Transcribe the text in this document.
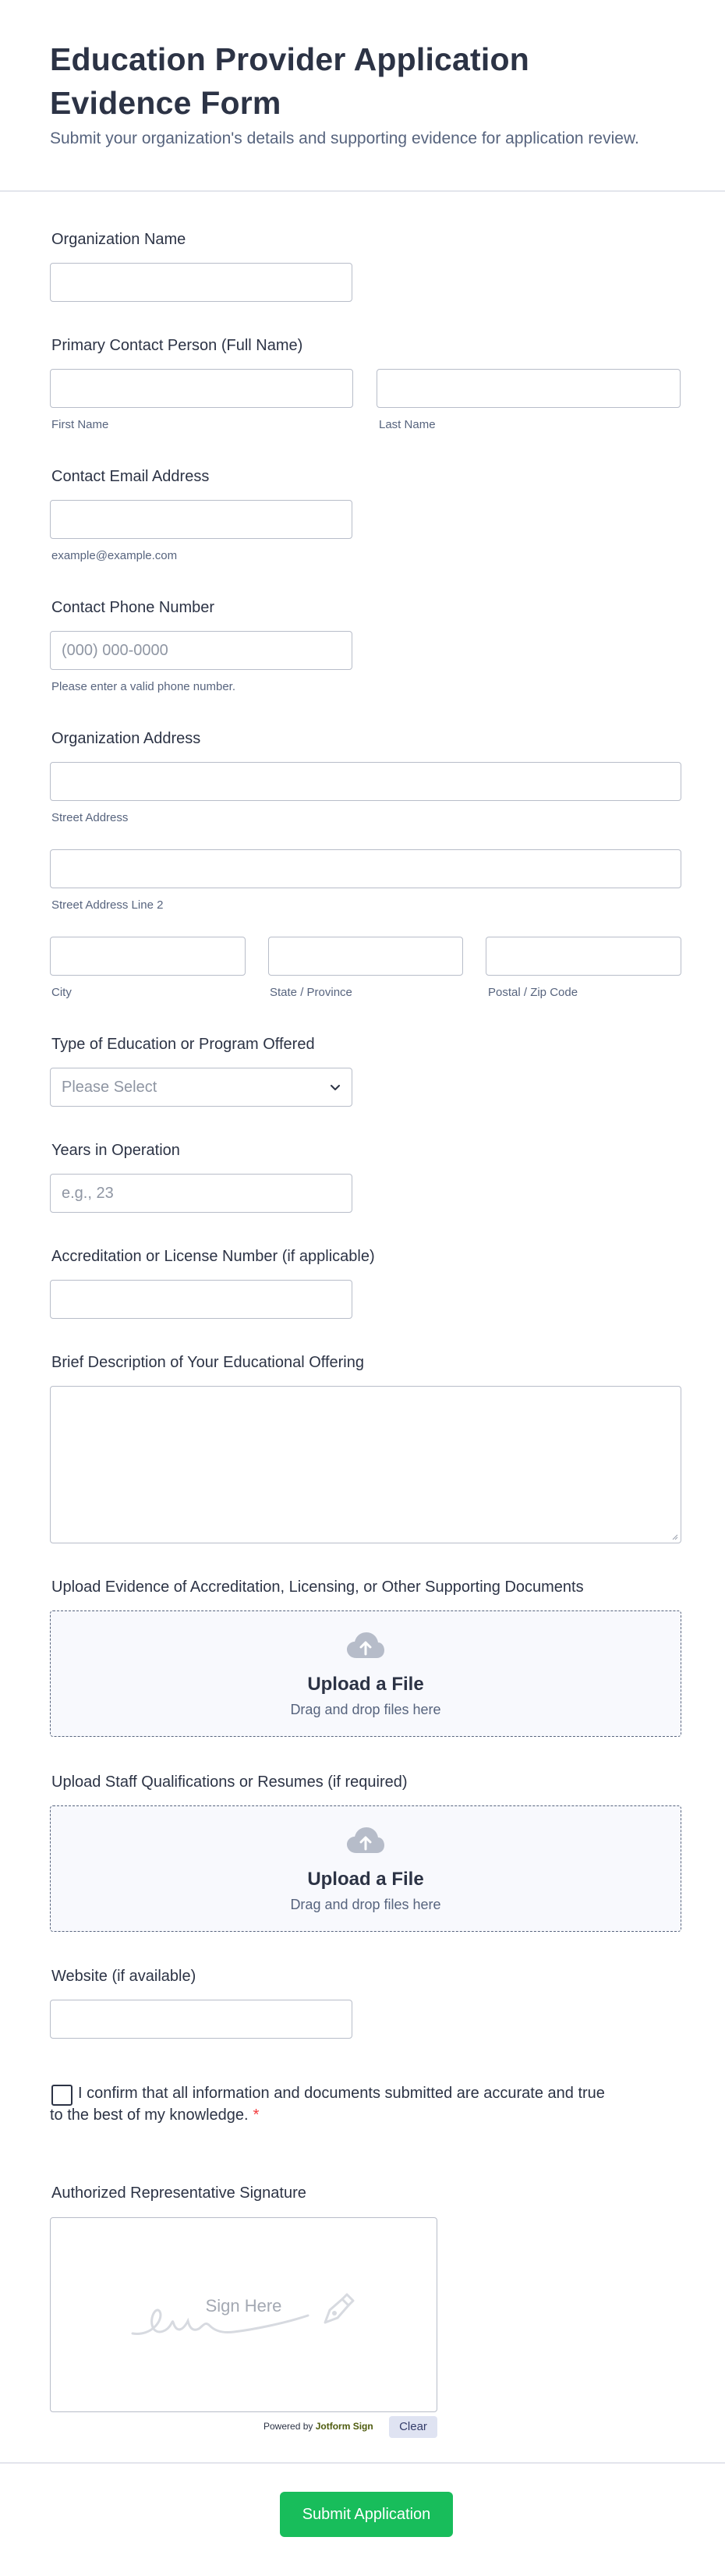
Education Provider Application Evidence Form
Submit your organization's details and supporting evidence for application review.
Organization Name
Primary Contact Person (Full Name)
First Name	Last Name
Contact Email Address
example@example.com
Contact Phone Number
(000) 000-0000
Please enter a valid phone number.
Organization Address
Street Address
Street Address Line 2
City	State / Province	Postal / Zip Code
Type of Education or Program Offered
Please Select
Years in Operation
e.g., 23
Accreditation or License Number (if applicable)
Brief Description of Your Educational Offering
Upload Evidence of Accreditation, Licensing, or Other Supporting Documents
Upload a File
Drag and drop files here
Upload Staff Qualifications or Resumes (if required)
Upload a File
Drag and drop files here
Website (if available)
I confirm that all information and documents submitted are accurate and true to the best of my knowledge. *
Authorized Representative Signature
Sign Here
Powered by Jotform Sign	Clear
Submit Application
